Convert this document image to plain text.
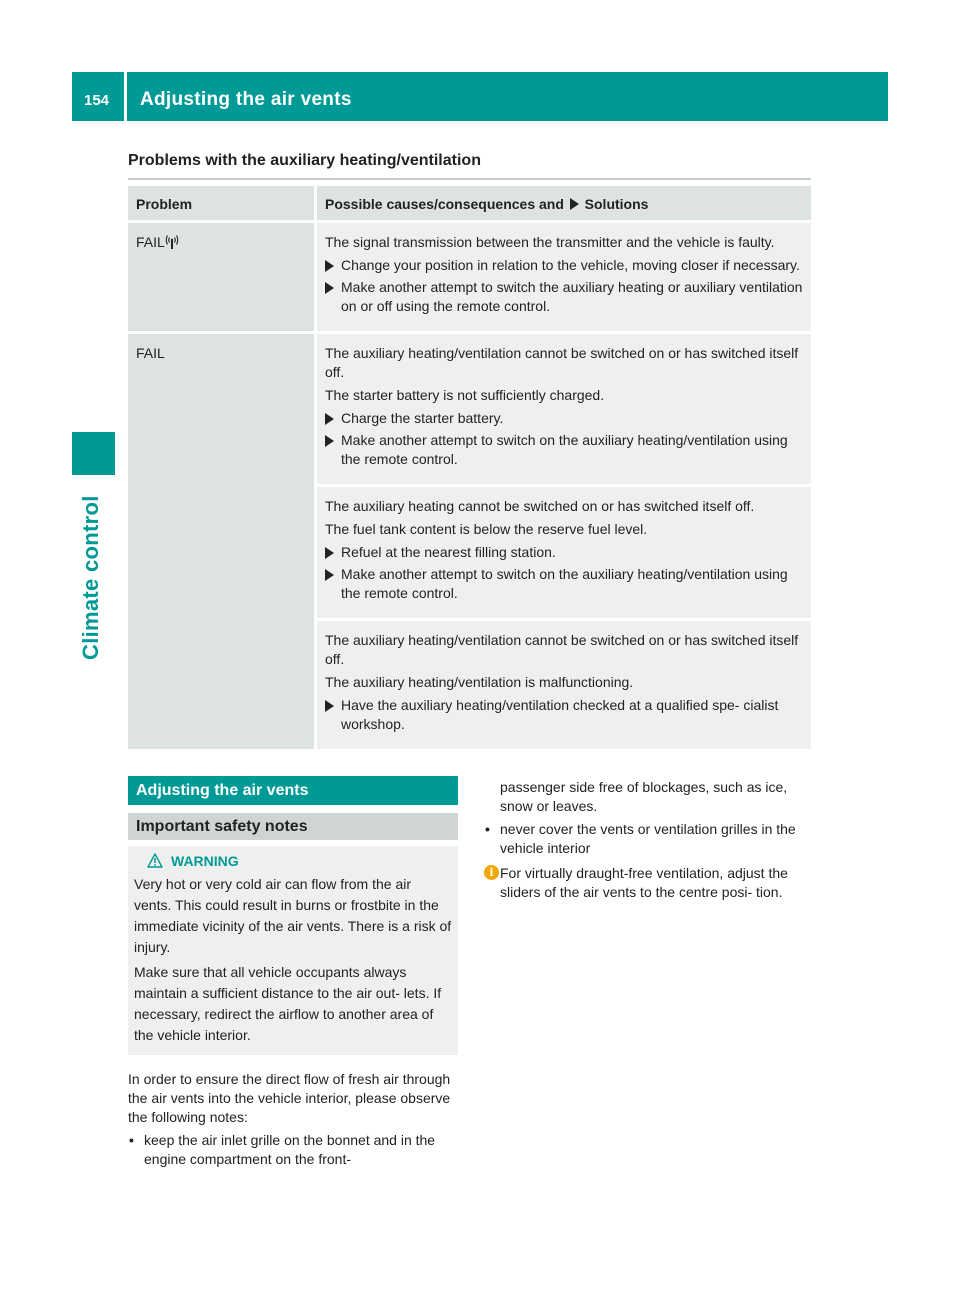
154 Adjusting the air vents
Climate control
Problems with the auxiliary heating/ventilation
Problem	Possible causes/consequences and Solutions
FAIL	The signal transmission between the transmitter and the vehicle is faulty.

Change your position in relation to the vehicle, moving closer if necessary.
Make another attempt to switch the auxiliary heating or auxiliary ventilation on or off using the remote control.

FAIL	The auxiliary heating/ventilation cannot be switched on or has switched itself off.

The starter battery is not sufficiently charged.

Charge the starter battery.
Make another attempt to switch on the auxiliary heating/ventilation using the remote control.

	The auxiliary heating cannot be switched on or has switched itself off.

The fuel tank content is below the reserve fuel level.

Refuel at the nearest filling station.
Make another attempt to switch on the auxiliary heating/ventilation using the remote control.

	The auxiliary heating/ventilation cannot be switched on or has switched itself off.

The auxiliary heating/ventilation is malfunctioning.

Have the auxiliary heating/ventilation checked at a qualified spe- cialist workshop.
Adjusting the air vents
Important safety notes
WARNING

Very hot or very cold air can flow from the air vents. This could result in burns or frostbite in the immediate vicinity of the air vents. There is a risk of injury.

Make sure that all vehicle occupants always maintain a sufficient distance to the air out- lets. If necessary, redirect the airflow to another area of the vehicle interior.

In order to ensure the direct flow of fresh air through the air vents into the vehicle interior, please observe the following notes:

• keep the air inlet grille on the bonnet and in the engine compartment on the front-

passenger side free of blockages, such as ice, snow or leaves.

• never cover the vents or ventilation grilles in the vehicle interior
i For virtually draught-free ventilation, adjust the sliders of the air vents to the centre posi- tion.
